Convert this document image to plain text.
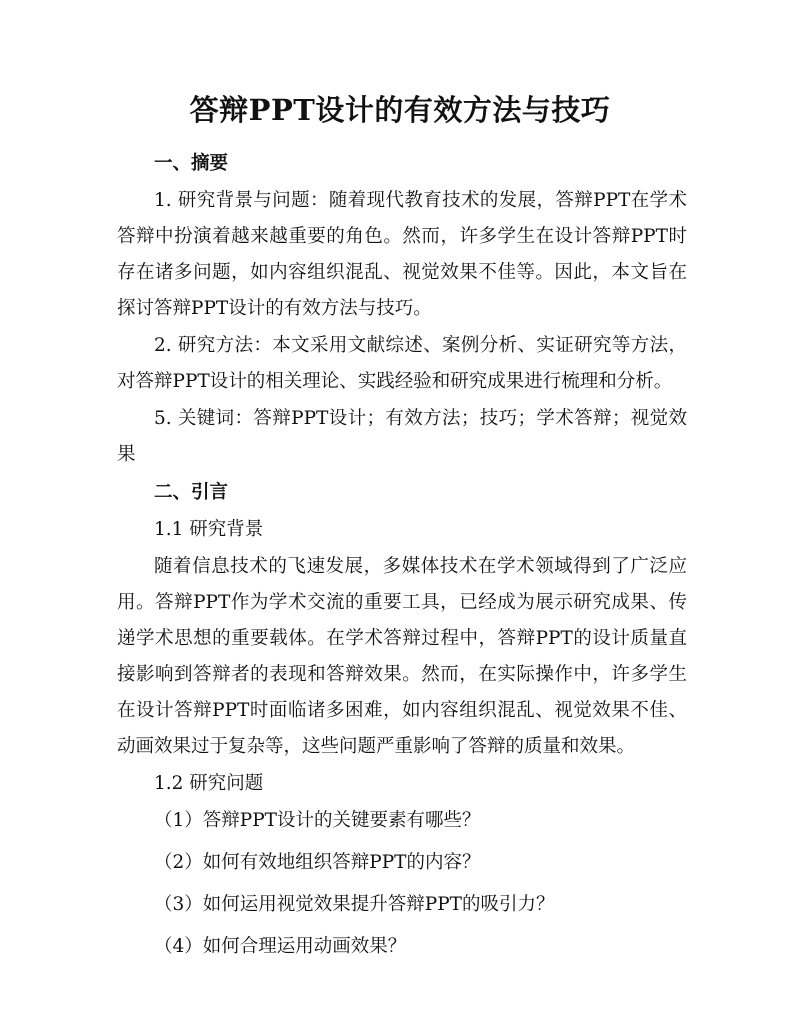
答辩PPT设计的有效方法与技巧
一、摘要

1. 研究背景与问题：随着现代教育技术的发展，答辩PPT在学术答辩中扮演着越来越重要的角色。然而，许多学生在设计答辩PPT时存在诸多问题，如内容组织混乱、视觉效果不佳等。因此，本文旨在探讨答辩PPT设计的有效方法与技巧。

2. 研究方法：本文采用文献综述、案例分析、实证研究等方法，对答辩PPT设计的相关理论、实践经验和研究成果进行梳理和分析。

5. 关键词：答辩PPT设计；有效方法；技巧；学术答辩；视觉效果

二、引言
1.1 研究背景

随着信息技术的飞速发展，多媒体技术在学术领域得到了广泛应用。答辩PPT作为学术交流的重要工具，已经成为展示研究成果、传递学术思想的重要载体。在学术答辩过程中，答辩PPT的设计质量直接影响到答辩者的表现和答辩效果。然而，在实际操作中，许多学生在设计答辩PPT时面临诸多困难，如内容组织混乱、视觉效果不佳、动画效果过于复杂等，这些问题严重影响了答辩的质量和效果。

1.2 研究问题

（1）答辩PPT设计的关键要素有哪些？

（2）如何有效地组织答辩PPT的内容？

（3）如何运用视觉效果提升答辩PPT的吸引力？

（4）如何合理运用动画效果？
